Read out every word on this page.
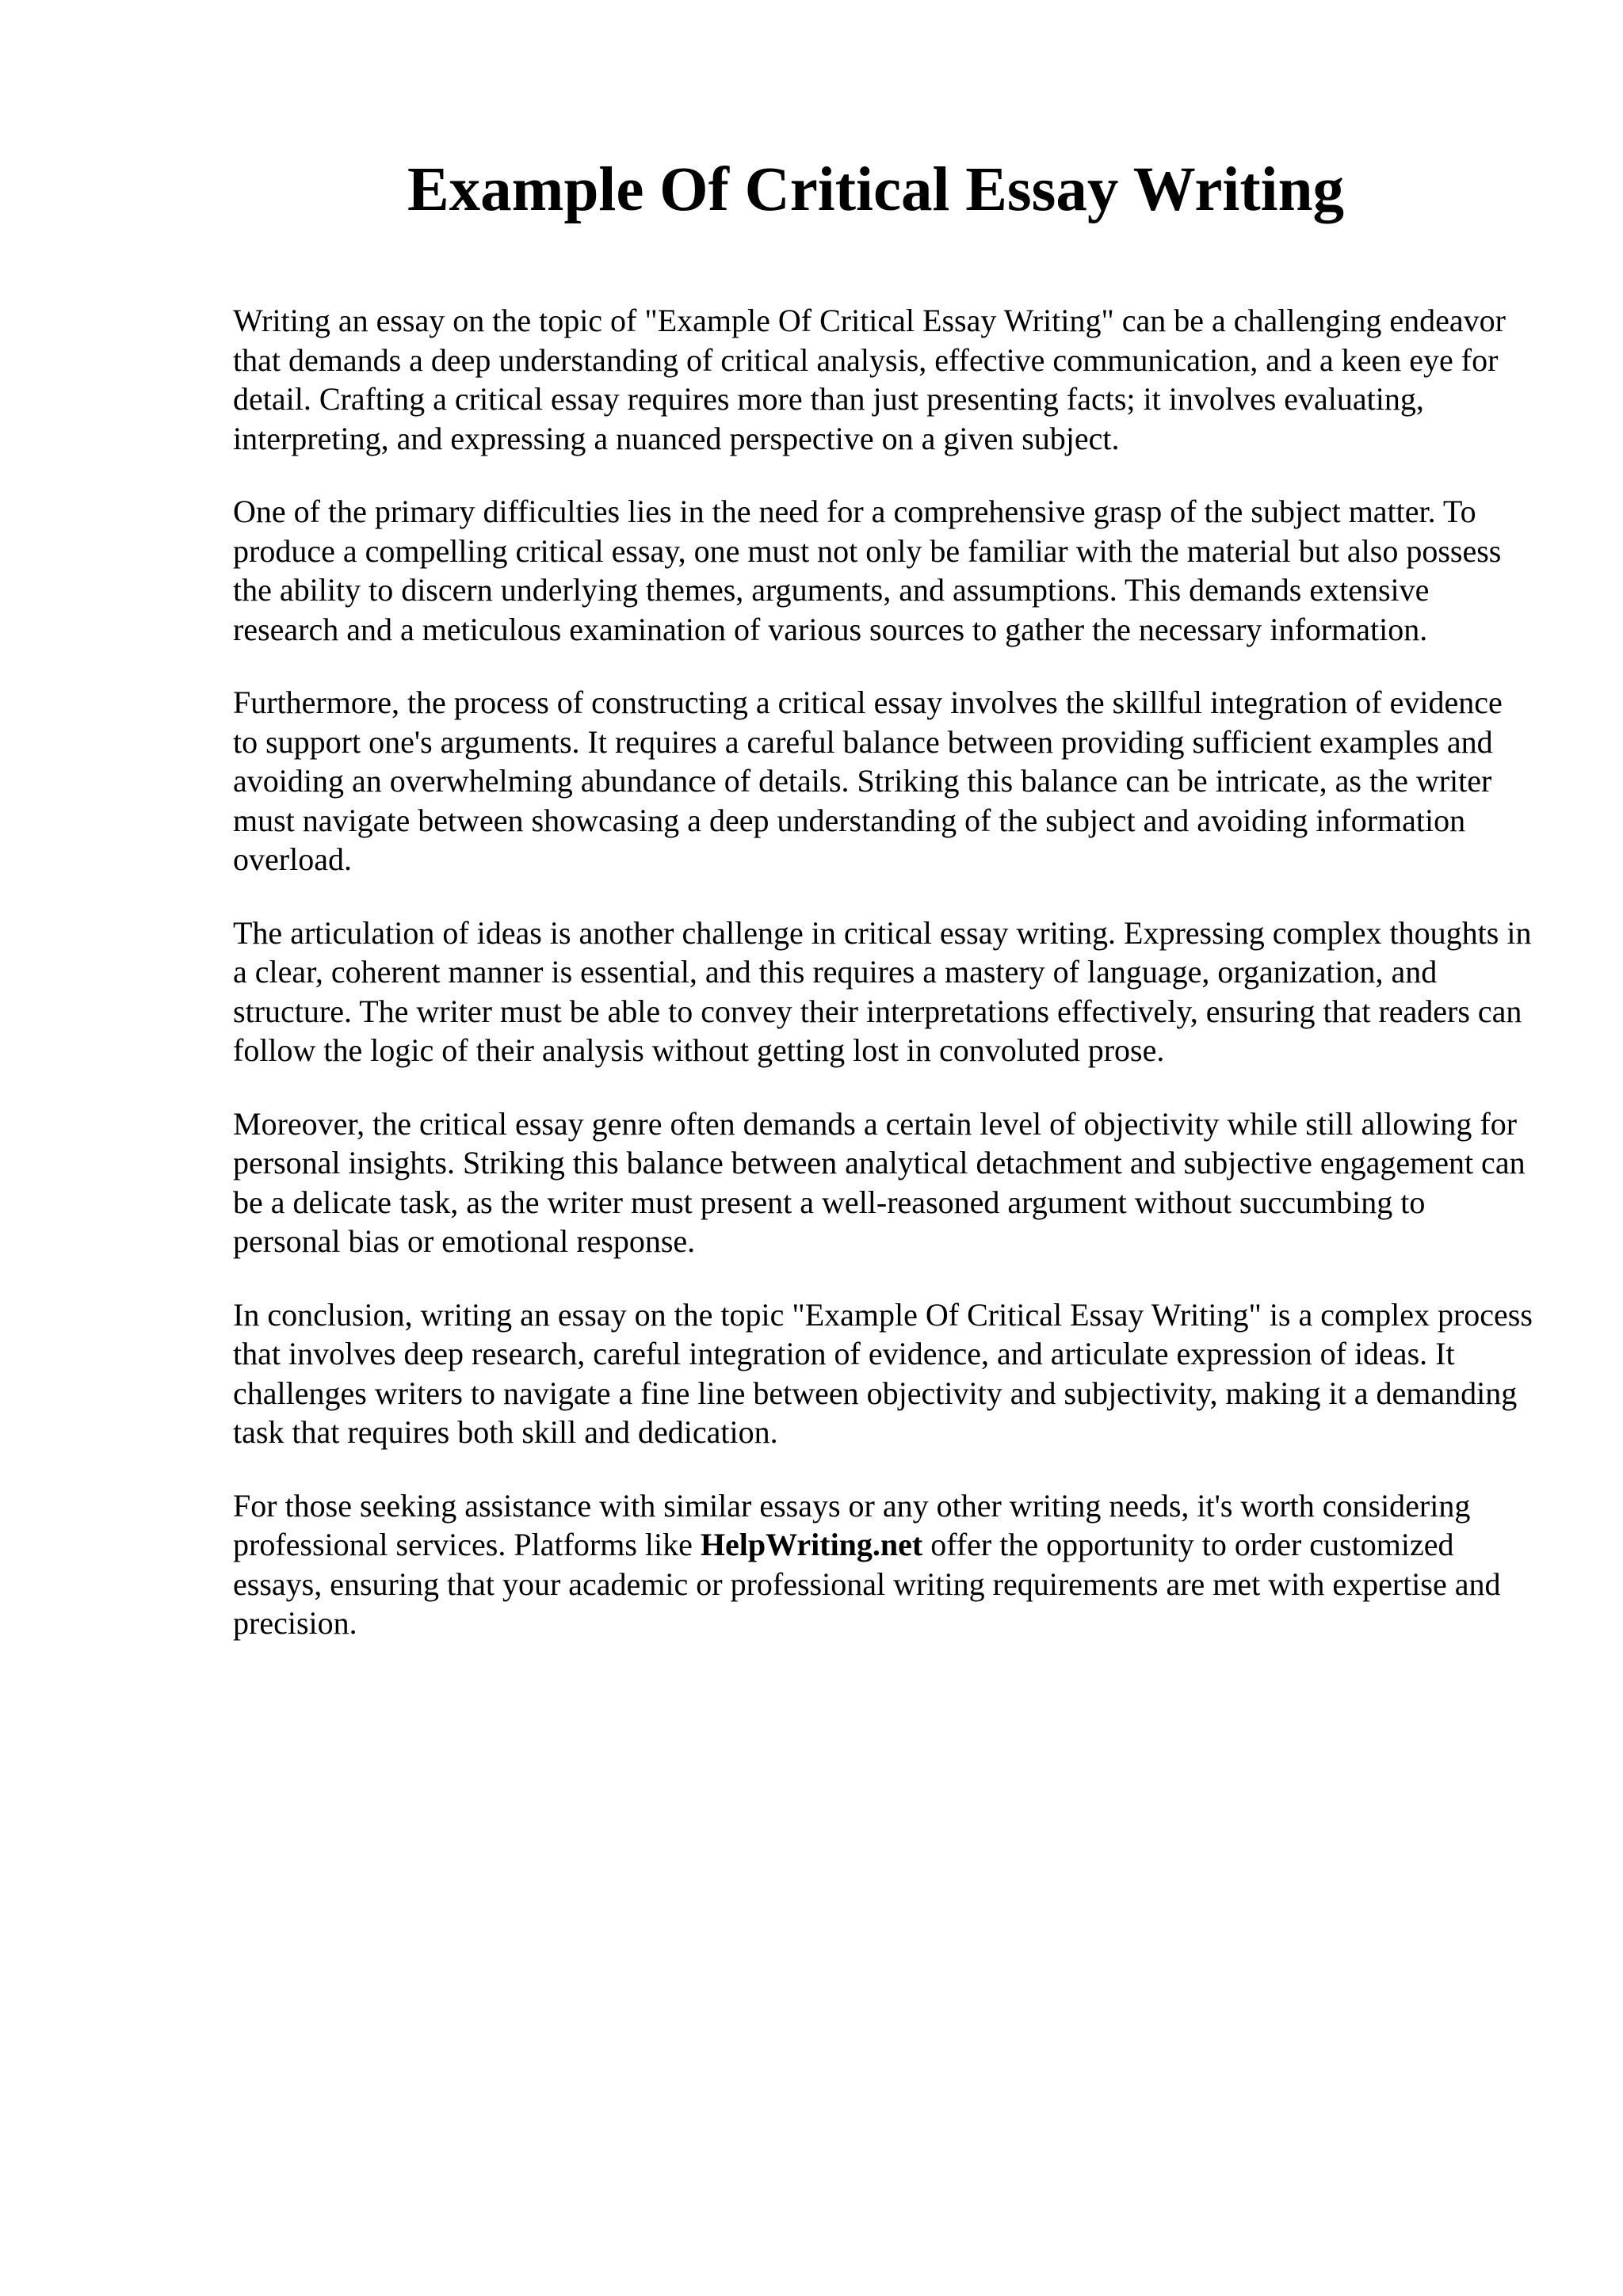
Example Of Critical Essay Writing

Writing an essay on the topic of "Example Of Critical Essay Writing" can be a challenging endeavor that demands a deep understanding of critical analysis, effective communication, and a keen eye for detail. Crafting a critical essay requires more than just presenting facts; it involves evaluating, interpreting, and expressing a nuanced perspective on a given subject.

One of the primary difficulties lies in the need for a comprehensive grasp of the subject matter. To produce a compelling critical essay, one must not only be familiar with the material but also possess the ability to discern underlying themes, arguments, and assumptions. This demands extensive research and a meticulous examination of various sources to gather the necessary information.

Furthermore, the process of constructing a critical essay involves the skillful integration of evidence to support one's arguments. It requires a careful balance between providing sufficient examples and avoiding an overwhelming abundance of details. Striking this balance can be intricate, as the writer must navigate between showcasing a deep understanding of the subject and avoiding information overload.

The articulation of ideas is another challenge in critical essay writing. Expressing complex thoughts in a clear, coherent manner is essential, and this requires a mastery of language, organization, and structure. The writer must be able to convey their interpretations effectively, ensuring that readers can follow the logic of their analysis without getting lost in convoluted prose.

Moreover, the critical essay genre often demands a certain level of objectivity while still allowing for personal insights. Striking this balance between analytical detachment and subjective engagement can be a delicate task, as the writer must present a well-reasoned argument without succumbing to personal bias or emotional response.

In conclusion, writing an essay on the topic "Example Of Critical Essay Writing" is a complex process that involves deep research, careful integration of evidence, and articulate expression of ideas. It challenges writers to navigate a fine line between objectivity and subjectivity, making it a demanding task that requires both skill and dedication.

For those seeking assistance with similar essays or any other writing needs, it's worth considering professional services. Platforms like HelpWriting.net offer the opportunity to order customized essays, ensuring that your academic or professional writing requirements are met with expertise and precision.
